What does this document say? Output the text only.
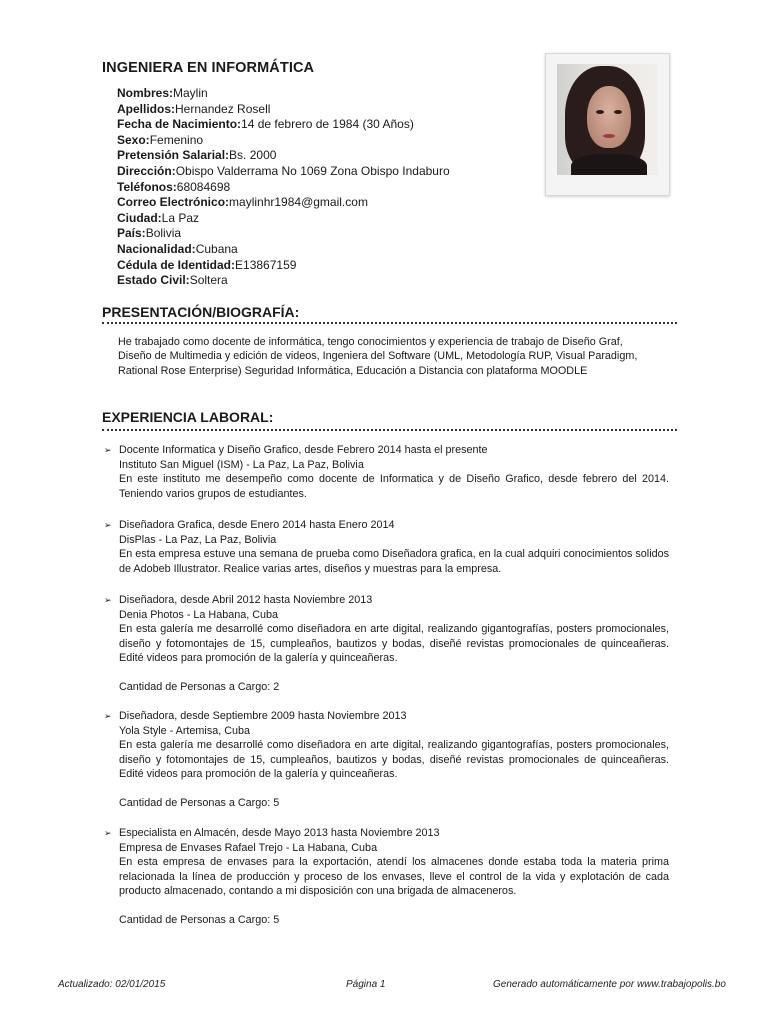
INGENIERA EN INFORMÁTICA
Nombres:Maylin
Apellidos:Hernandez Rosell
Fecha de Nacimiento:14 de febrero de 1984 (30 Años)
Sexo:Femenino
Pretensión Salarial:Bs. 2000
Dirección:Obispo Valderrama No 1069 Zona Obispo Indaburo
Teléfonos:68084698
Correo Electrónico:maylinhr1984@gmail.com
Ciudad:La Paz
País:Bolivia
Nacionalidad:Cubana
Cédula de Identidad:E13867159
Estado Civil:Soltera
PRESENTACIÓN/BIOGRAFÍA:
He trabajado como docente de informática, tengo conocimientos y experiencia de trabajo de Diseño Graf,
Diseño de Multimedia y edición de videos, Ingeniera del Software (UML, Metodología RUP, Visual Paradigm,
Rational Rose Enterprise) Seguridad Informática, Educación a Distancia con plataforma MOODLE
EXPERIENCIA LABORAL:
➢ Docente Informatica y Diseño Grafico, desde Febrero 2014 hasta el presente
Instituto San Miguel (ISM) - La Paz, La Paz, Bolivia
En este instituto me desempeño como docente de Informatica y de Diseño Grafico, desde febrero del 2014. Teniendo varios grupos de estudiantes.
➢ Diseñadora Grafica, desde Enero 2014 hasta Enero 2014
DisPlas - La Paz, La Paz, Bolivia
En esta empresa estuve una semana de prueba como Diseñadora grafica, en la cual adquiri conocimientos solidos de Adobeb Illustrator. Realice varias artes, diseños y muestras para la empresa.
➢ Diseñadora, desde Abril 2012 hasta Noviembre 2013
Denia Photos - La Habana, Cuba
En esta galería me desarrollé como diseñadora en arte digital, realizando gigantografías, posters promocionales, diseño y fotomontajes de 15, cumpleaños, bautizos y bodas, diseñé revistas promocionales de quinceañeras. Edité videos para promoción de la galería y quinceañeras.
Cantidad de Personas a Cargo: 2
➢ Diseñadora, desde Septiembre 2009 hasta Noviembre 2013
Yola Style - Artemisa, Cuba
En esta galería me desarrollé como diseñadora en arte digital, realizando gigantografías, posters promocionales, diseño y fotomontajes de 15, cumpleaños, bautizos y bodas, diseñé revistas promocionales de quinceañeras. Edité videos para promoción de la galería y quinceañeras.
Cantidad de Personas a Cargo: 5
➢ Especialista en Almacén, desde Mayo 2013 hasta Noviembre 2013
Empresa de Envases Rafael Trejo - La Habana, Cuba
En esta empresa de envases para la exportación, atendí los almacenes donde estaba toda la materia prima relacionada la línea de producción y proceso de los envases, lleve el control de la vida y explotación de cada producto almacenado, contando a mi disposición con una brigada de almaceneros.
Cantidad de Personas a Cargo: 5
Actualizado: 02/01/2015	Página 1	Generado automáticamente por www.trabajopolis.bo
